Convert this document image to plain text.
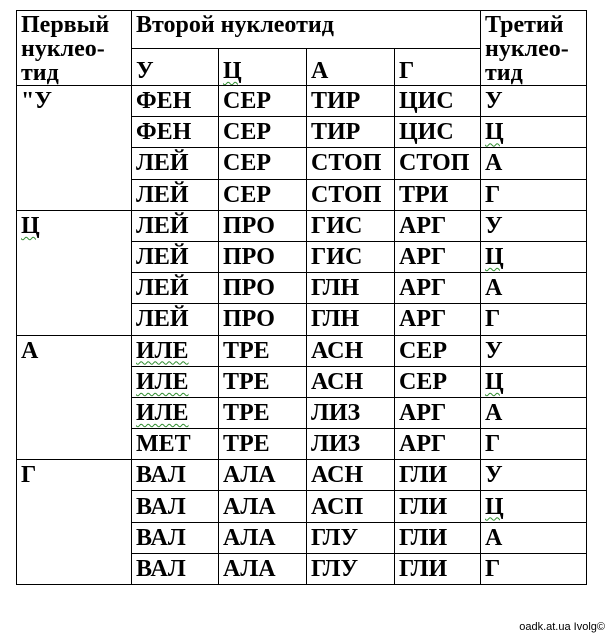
Первый нуклео-тид	Второй нуклеотид				Третий нуклео-тид
	У	Ц	А	Г	
"У	ФЕН	СЕР	ТИР	ЦИС	У
	ФЕН	СЕР	ТИР	ЦИС	Ц
	ЛЕЙ	СЕР	СТОП	СТОП	А
	ЛЕЙ	СЕР	СТОП	ТРИ	Г
Ц	ЛЕЙ	ПРО	ГИС	АРГ	У
	ЛЕЙ	ПРО	ГИС	АРГ	Ц
	ЛЕЙ	ПРО	ГЛН	АРГ	А
	ЛЕЙ	ПРО	ГЛН	АРГ	Г
А	ИЛЕ	ТРЕ	АСН	СЕР	У
	ИЛЕ	ТРЕ	АСН	СЕР	Ц
	ИЛЕ	ТРЕ	ЛИЗ	АРГ	А
	МЕТ	ТРЕ	ЛИЗ	АРГ	Г
Г	ВАЛ	АЛА	АСН	ГЛИ	У
	ВАЛ	АЛА	АСП	ГЛИ	Ц
	ВАЛ	АЛА	ГЛУ	ГЛИ	А
	ВАЛ	АЛА	ГЛУ	ГЛИ	Г
oadk.at.ua Ivolg©
